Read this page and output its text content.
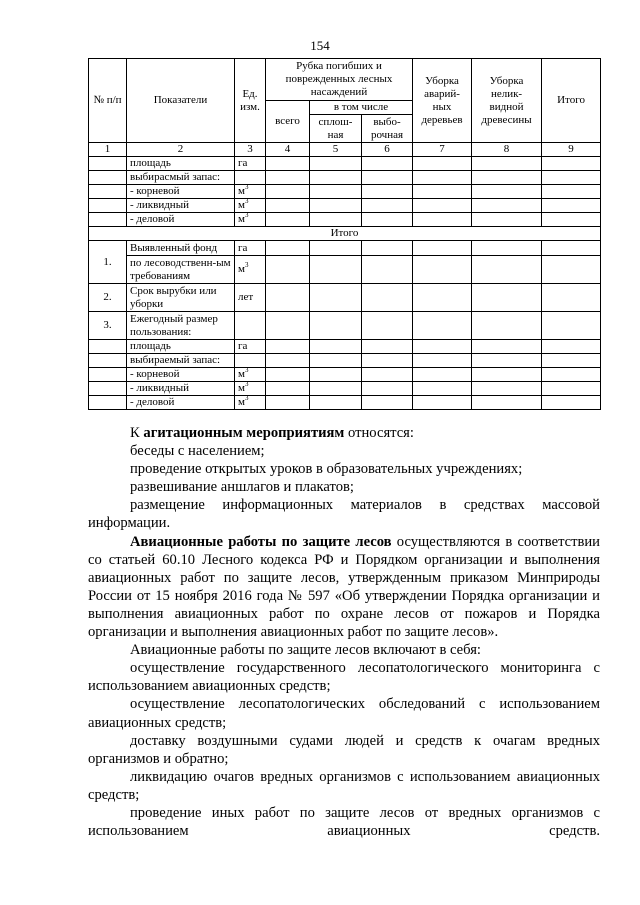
154
№ п/п	Показатели	Ед. изм.	Рубка погибших и поврежденных лесных насаждений			Уборка аварий-ных деревьев	Уборка нелик-видной древесины	Итого
			всего	в том числе				
				сплош-ная	выбо-рочная			
1	2	3	4	5	6	7	8	9
	площадь	га						
	выбирасмый запас:							
	- корневой	$м^3$						
	- ликвидный	$м^3$						
	- деловой	$м^3$						
Итого								
1.	Выявленный фонд	га						
	по лесоводственн-ым требованиям	$м^3$						
2.	Срок вырубки или уборки	лет						
3.	Ежегодный размер пользования:							
	площадь	га						
	выбираемый запас:							
	- корневой	$м^3$						
	- ликвидный	$м^3$						
	- деловой	$м^3$						

К агитационным мероприятиям относятся:

беседы с населением;

проведение открытых уроков в образовательных учреждениях;

развешивание аншлагов и плакатов;

размещение информационных материалов в средствах массовой информации.

Авиационные работы по защите лесов осуществляются в соответствии со статьей 60.10 Лесного кодекса РФ и Порядком организации и выполнения авиационных работ по защите лесов, утвержденным приказом Минприроды России от 15 ноября 2016 года № 597 «Об утверждении Порядка организации и выполнения авиационных работ по охране лесов от пожаров и Порядка организации и выполнения авиационных работ по защите лесов».

Авиационные работы по защите лесов включают в себя:

осуществление государственного лесопатологического мониторинга с использованием авиационных средств;

осуществление лесопатологических обследований с использованием авиационных средств;

доставку воздушными судами людей и средств к очагам вредных организмов и обратно;

ликвидацию очагов вредных организмов с использованием авиационных средств;

проведение иных работ по защите лесов от вредных организмов с использованием авиационных средств.
